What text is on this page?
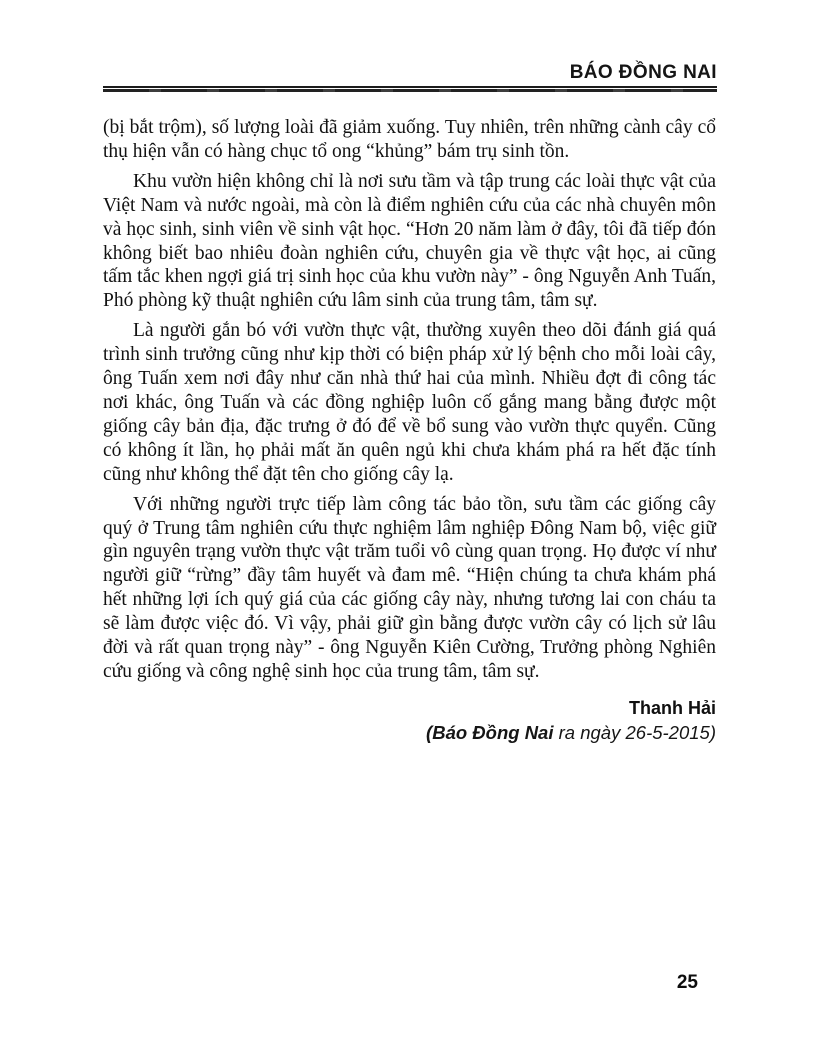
BÁO ĐỒNG NAI

(bị bắt trộm), số lượng loài đã giảm xuống. Tuy nhiên, trên những cành cây cổ thụ hiện vẫn có hàng chục tổ ong “khủng” bám trụ sinh tồn.

Khu vườn hiện không chỉ là nơi sưu tầm và tập trung các loài thực vật của Việt Nam và nước ngoài, mà còn là điểm nghiên cứu của các nhà chuyên môn và học sinh, sinh viên về sinh vật học. “Hơn 20 năm làm ở đây, tôi đã tiếp đón không biết bao nhiêu đoàn nghiên cứu, chuyên gia về thực vật học, ai cũng tấm tắc khen ngợi giá trị sinh học của khu vườn này” - ông Nguyễn Anh Tuấn, Phó phòng kỹ thuật nghiên cứu lâm sinh của trung tâm, tâm sự.

Là người gắn bó với vườn thực vật, thường xuyên theo dõi đánh giá quá trình sinh trưởng cũng như kịp thời có biện pháp xử lý bệnh cho mỗi loài cây, ông Tuấn xem nơi đây như căn nhà thứ hai của mình. Nhiều đợt đi công tác nơi khác, ông Tuấn và các đồng nghiệp luôn cố gắng mang bằng được một giống cây bản địa, đặc trưng ở đó để về bổ sung vào vườn thực quyển. Cũng có không ít lần, họ phải mất ăn quên ngủ khi chưa khám phá ra hết đặc tính cũng như không thể đặt tên cho giống cây lạ.

Với những người trực tiếp làm công tác bảo tồn, sưu tầm các giống cây quý ở Trung tâm nghiên cứu thực nghiệm lâm nghiệp Đông Nam bộ, việc giữ gìn nguyên trạng vườn thực vật trăm tuổi vô cùng quan trọng. Họ được ví như người giữ “rừng” đầy tâm huyết và đam mê. “Hiện chúng ta chưa khám phá hết những lợi ích quý giá của các giống cây này, nhưng tương lai con cháu ta sẽ làm được việc đó. Vì vậy, phải giữ gìn bằng được vườn cây có lịch sử lâu đời và rất quan trọng này” - ông Nguyễn Kiên Cường, Trưởng phòng Nghiên cứu giống và công nghệ sinh học của trung tâm, tâm sự.

Thanh Hải
(Báo Đồng Nai ra ngày 26-5-2015)
25
